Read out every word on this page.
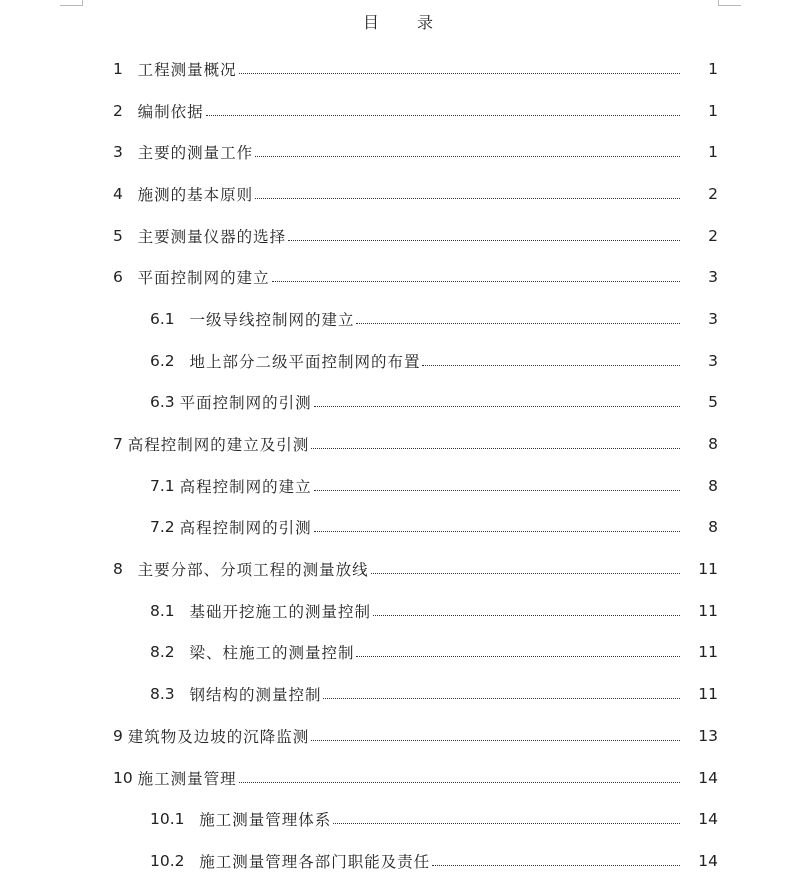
目 录
1 工程测量概况	1
2 编制依据	1
3 主要的测量工作	1
4 施测的基本原则	2
5 主要测量仪器的选择	2
6 平面控制网的建立	3
6.1 一级导线控制网的建立	3
6.2 地上部分二级平面控制网的布置	3
6.3 平面控制网的引测	5
7 高程控制网的建立及引测	8
7.1 高程控制网的建立	8
7.2 高程控制网的引测	8
8 主要分部、分项工程的测量放线	11
8.1 基础开挖施工的测量控制	11
8.2 梁、柱施工的测量控制	11
8.3 钢结构的测量控制	11
9 建筑物及边坡的沉降监测	13
10 施工测量管理	14
10.1 施工测量管理体系	14
10.2 施工测量管理各部门职能及责任	14
